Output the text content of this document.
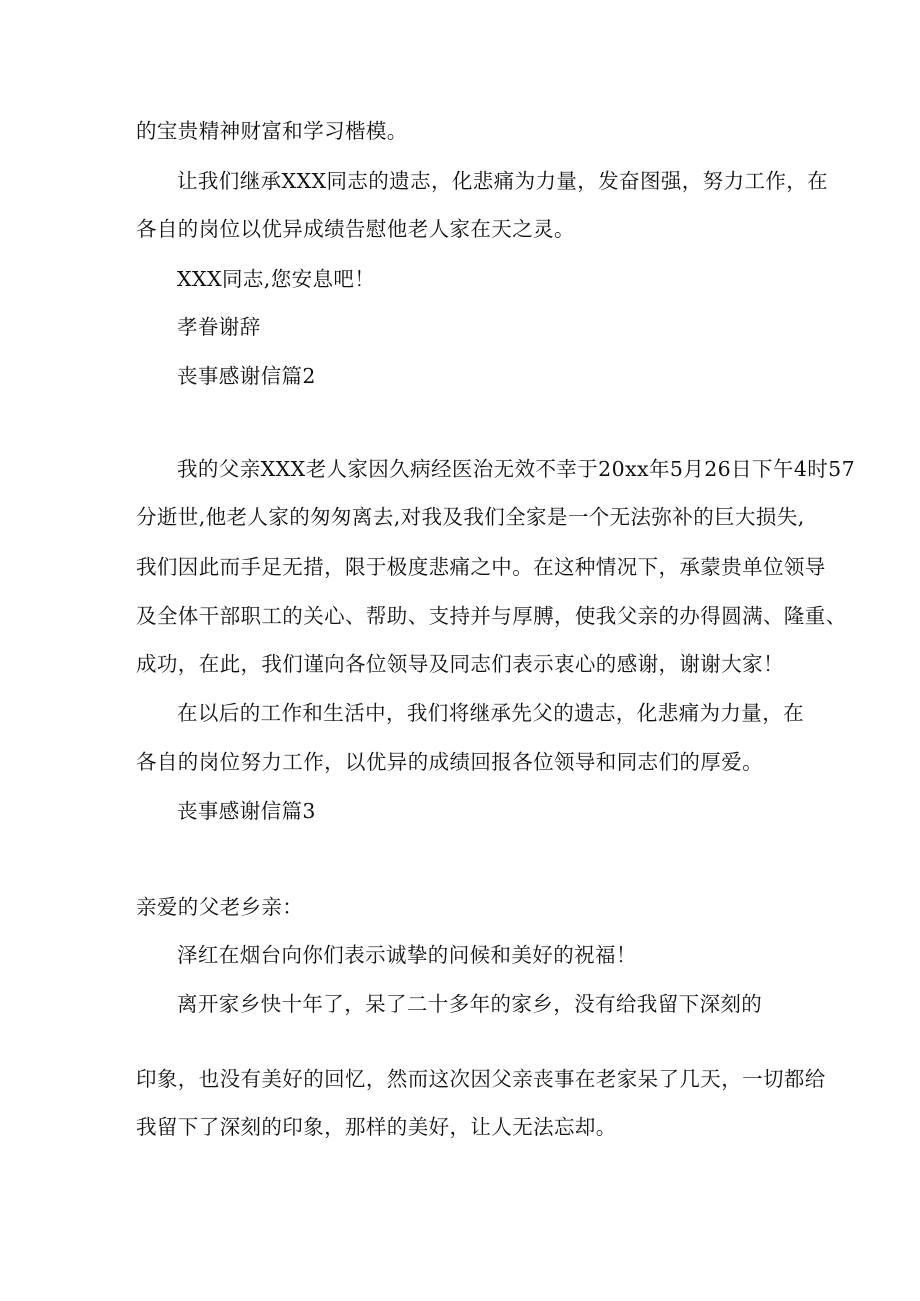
的宝贵精神财富和学习楷模。
让我们继承XXX同志的遗志，化悲痛为力量，发奋图强，努力工作，在
各自的岗位以优异成绩告慰他老人家在天之灵。
XXX同志,您安息吧！
孝眷谢辞
丧事感谢信篇2
我的父亲XXX老人家因久病经医治无效不幸于20xx年5月26日下午4时57
分逝世,他老人家的匆匆离去,对我及我们全家是一个无法弥补的巨大损失,
我们因此而手足无措，限于极度悲痛之中。在这种情况下，承蒙贵单位领导
及全体干部职工的关心、帮助、支持并与厚膊，使我父亲的办得圆满、隆重、
成功，在此，我们谨向各位领导及同志们表示衷心的感谢，谢谢大家！
在以后的工作和生活中，我们将继承先父的遗志，化悲痛为力量，在
各自的岗位努力工作，以优异的成绩回报各位领导和同志们的厚爱。
丧事感谢信篇3
亲爱的父老乡亲：
泽红在烟台向你们表示诚挚的问候和美好的祝福！
离开家乡快十年了，呆了二十多年的家乡，没有给我留下深刻的
印象，也没有美好的回忆，然而这次因父亲丧事在老家呆了几天，一切都给
我留下了深刻的印象，那样的美好，让人无法忘却。
